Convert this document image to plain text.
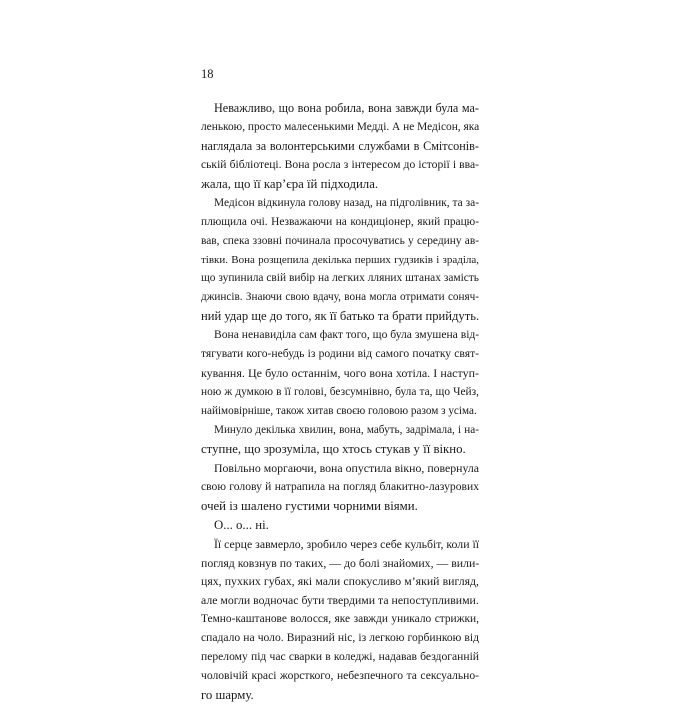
18

Неважливо, що вона робила, вона завжди була ма-
ленькою, просто малесенькими Медді. А не Медісон, яка
наглядала за волонтерськими службами в Смітсонів-
ській бібліотеці. Вона росла з інтересом до історії і вва-
жала, що її кар’єра їй підходила.
Медісон відкинула голову назад, на підголівник, та за-
плющила очі. Незважаючи на кондиціонер, який працю-
вав, спека ззовні починала просочуватись у середину ав-
тівки. Вона розщепила декілька перших гудзиків і зраділа,
що зупинила свій вибір на легких лляних штанах замість
джинсів. Знаючи свою вдачу, вона могла отримати соняч-
ний удар ще до того, як її батько та брати прийдуть.
Вона ненавиділа сам факт того, що була змушена від-
тягувати кого-небудь із родини від самого початку свят-
кування. Це було останнім, чого вона хотіла. І наступ-
ною ж думкою в її голові, безсумнівно, була та, що Чейз,
найімовірніше, також хитав своєю головою разом з усіма.
Минуло декілька хвилин, вона, мабуть, задрімала, і на-
ступне, що зрозуміла, що хтось стукав у її вікно.
Повільно моргаючи, вона опустила вікно, повернула
свою голову й натрапила на погляд блакитно-лазурових
очей із шалено густими чорними віями.
О... о... ні.
Її серце завмерло, зробило через себе кульбіт, коли її
погляд ковзнув по таких, — до болі знайомих, — вили-
цях, пухких губах, які мали спокусливо м’який вигляд,
але могли водночас бути твердими та непоступливими.
Темно-каштанове волосся, яке завжди уникало стрижки,
спадало на чоло. Виразний ніс, із легкою горбинкою від
перелому під час сварки в коледжі, надавав бездоганній
чоловічій красі жорсткого, небезпечного та сексуально-
го шарму.
